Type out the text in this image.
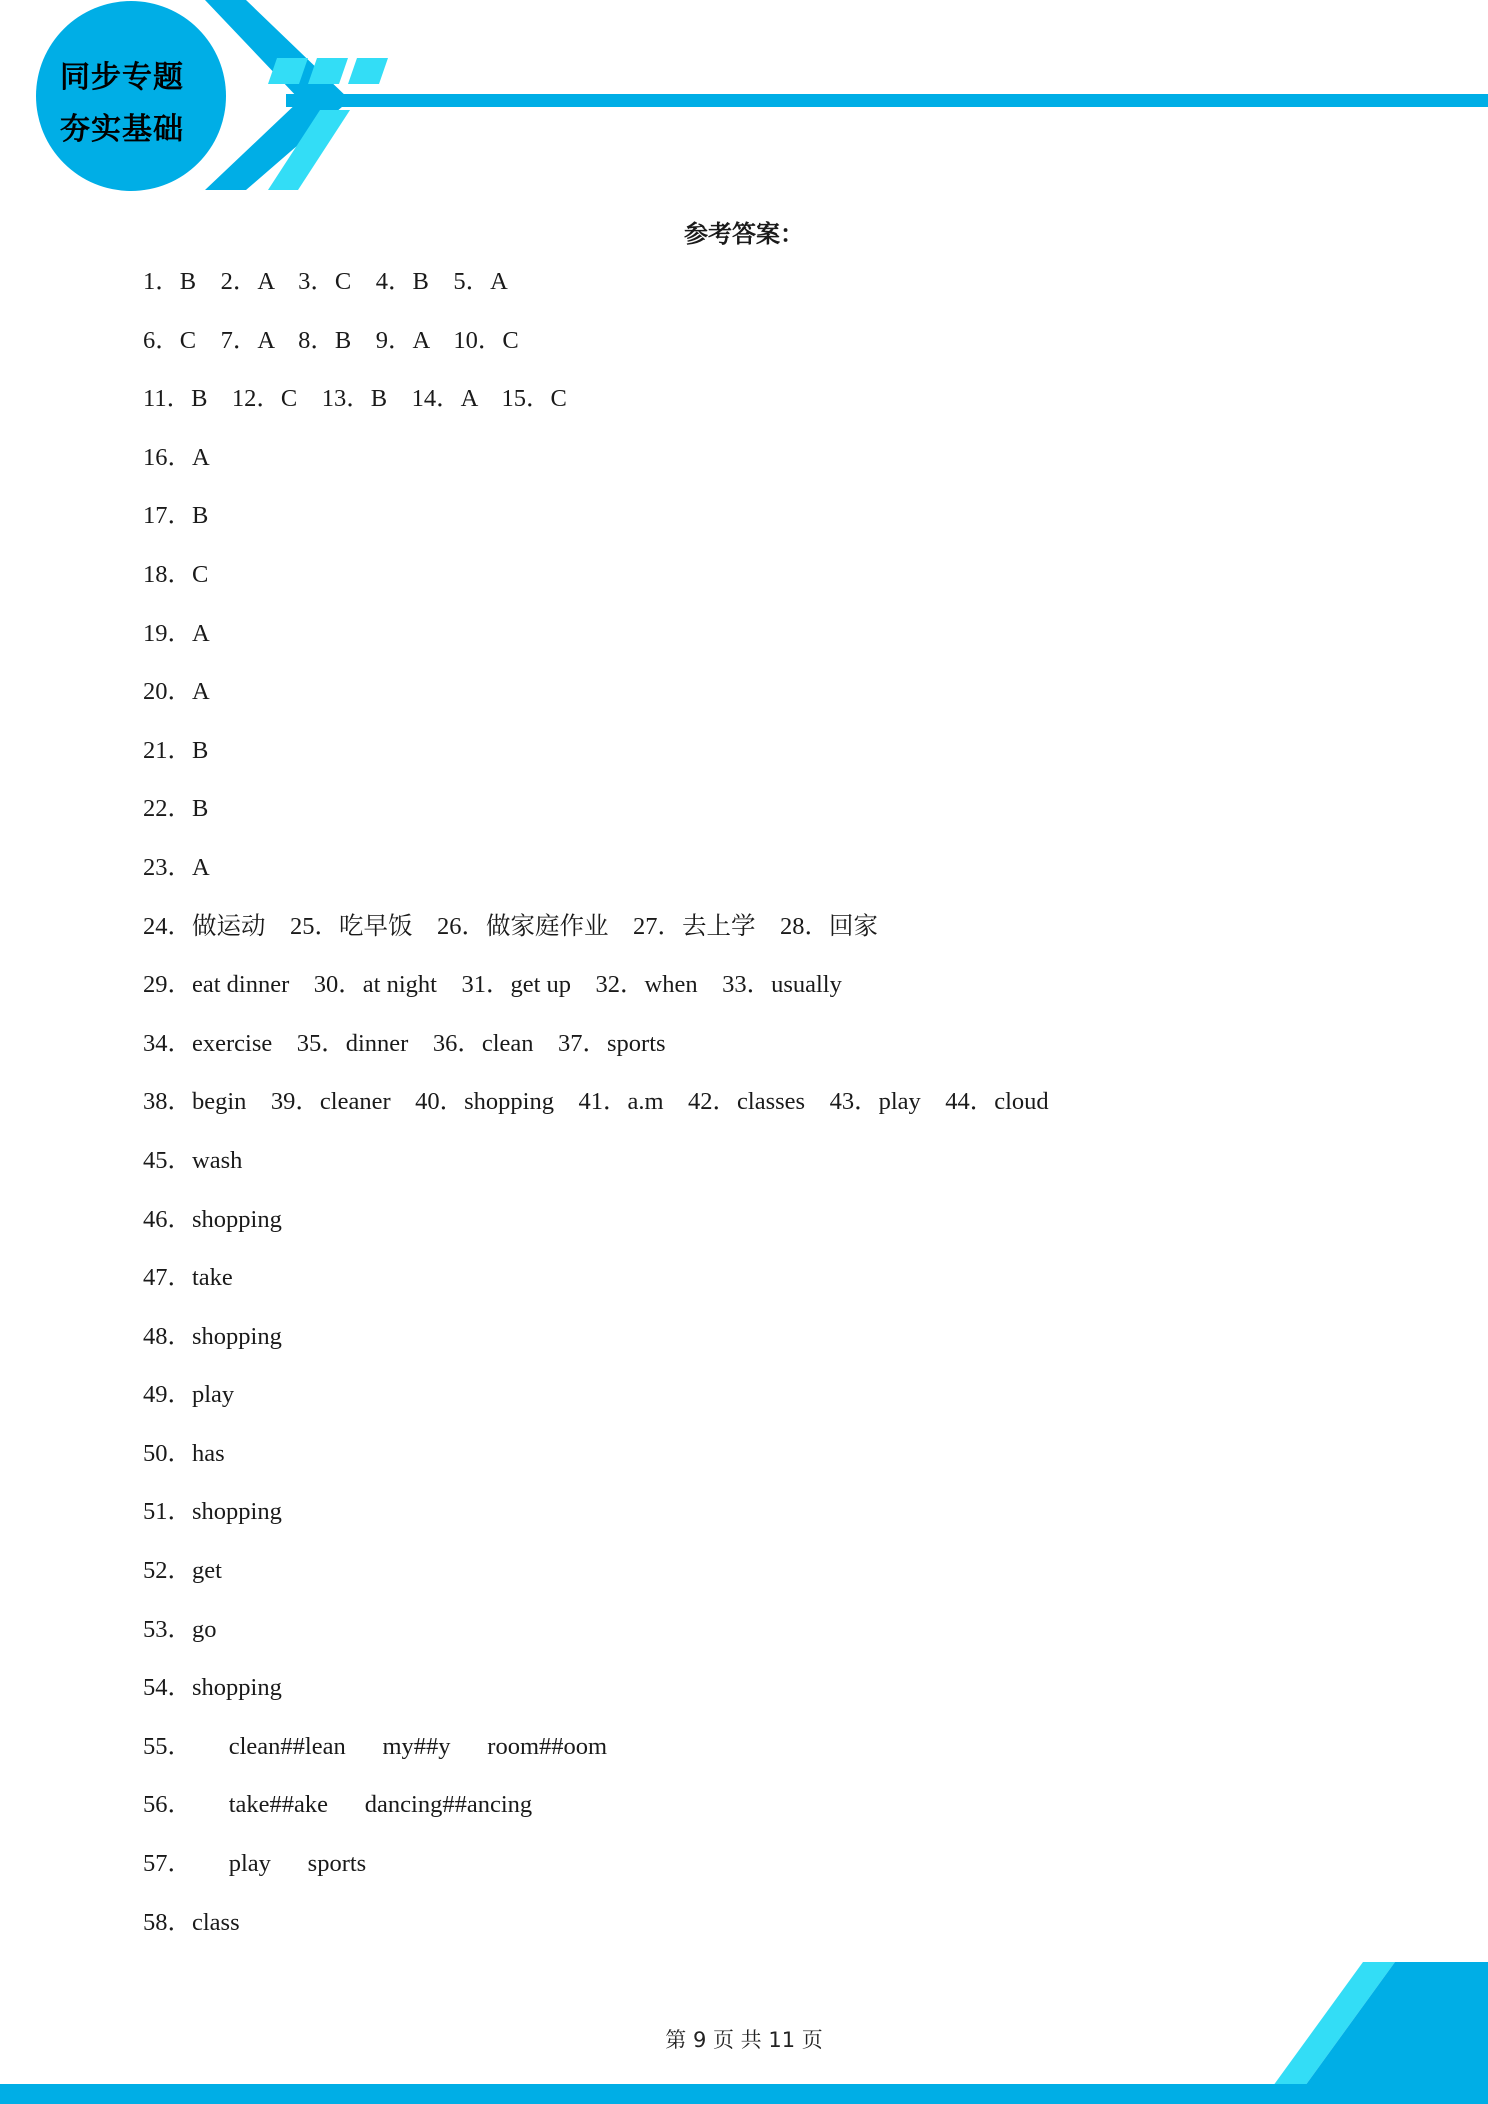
同步专题
夯实基础
参考答案：
1．B    2．A    3．C    4．B    5．A
6．C    7．A    8．B    9．A    10．C
11．B    12．C    13．B    14．A    15．C
16．A
17．B
18．C
19．A
20．A
21．B
22．B
23．A
24．做运动    25．吃早饭    26．做家庭作业    27．去上学    28．回家
29．eat dinner    30．at night    31．get up    32．when    33．usually
34．exercise    35．dinner    36．clean    37．sports
38．begin    39．cleaner    40．shopping    41．a.m    42．classes    43．play    44．cloud
45．wash
46．shopping
47．take
48．shopping
49．play
50．has
51．shopping
52．get
53．go
54．shopping
55．      clean##lean      my##y      room##oom
56．      take##ake      dancing##ancing
57．      play      sports
58．class
第 9 页 共 11 页
